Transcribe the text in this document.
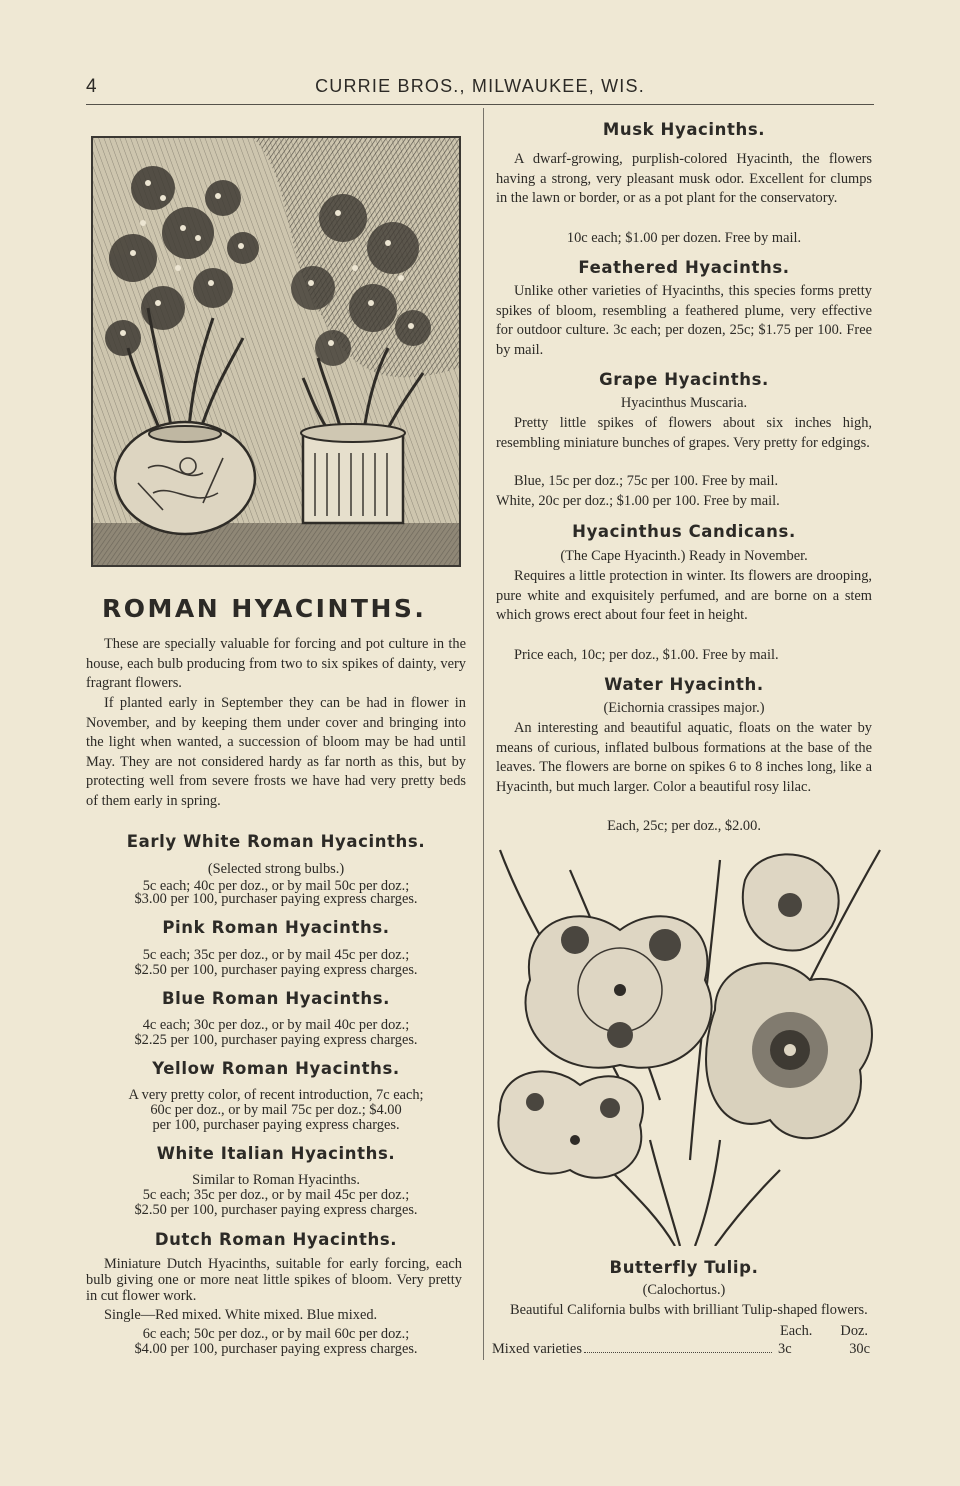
4	CURRIE BROS., MILWAUKEE, WIS.
ROMAN HYACINTHS.
These are specially valuable for forcing and pot culture in the house, each bulb producing from two to six spikes of dainty, very fragrant flowers.
If planted early in September they can be had in flower in November, and by keeping them under cover and bringing into the light when wanted, a succession of bloom may be had until May. They are not considered hardy as far north as this, but by protecting well from severe frosts we have had very pretty beds of them early in spring.
Early White Roman Hyacinths.
(Selected strong bulbs.)
5c each; 40c per doz., or by mail 50c per doz.;
$3.00 per 100, purchaser paying express charges.
Pink Roman Hyacinths.
5c each; 35c per doz., or by mail 45c per doz.;
$2.50 per 100, purchaser paying express charges.
Blue Roman Hyacinths.
4c each; 30c per doz., or by mail 40c per doz.;
$2.25 per 100, purchaser paying express charges.
Yellow Roman Hyacinths.
A very pretty color, of recent introduction, 7c each;
60c per doz., or by mail 75c per doz.; $4.00
per 100, purchaser paying express charges.
White Italian Hyacinths.
Similar to Roman Hyacinths.
5c each; 35c per doz., or by mail 45c per doz.;
$2.50 per 100, purchaser paying express charges.
Dutch Roman Hyacinths.
Miniature Dutch Hyacinths, suitable for early forcing, each bulb giving one or more neat little spikes of bloom. Very pretty in cut flower work.
Single—Red mixed. White mixed. Blue mixed.
6c each; 50c per doz., or by mail 60c per doz.;
$4.00 per 100, purchaser paying express charges.
Musk Hyacinths.
A dwarf-growing, purplish-colored Hyacinth, the flowers having a strong, very pleasant musk odor. Excellent for clumps in the lawn or border, or as a pot plant for the conservatory.
10c each; $1.00 per dozen. Free by mail.
Feathered Hyacinths.
Unlike other varieties of Hyacinths, this species forms pretty spikes of bloom, resembling a feathered plume, very effective for outdoor culture. 3c each; per dozen, 25c; $1.75 per 100. Free by mail.
Grape Hyacinths.
Hyacinthus Muscaria.
Pretty little spikes of flowers about six inches high, resembling miniature bunches of grapes. Very pretty for edgings.
Blue, 15c per doz.; 75c per 100. Free by mail.
White, 20c per doz.; $1.00 per 100. Free by mail.
Hyacinthus Candicans.
(The Cape Hyacinth.) Ready in November.
Requires a little protection in winter. Its flowers are drooping, pure white and exquisitely perfumed, and are borne on a stem which grows erect about four feet in height.
Price each, 10c; per doz., $1.00. Free by mail.
Water Hyacinth.
(Eichornia crassipes major.)
An interesting and beautiful aquatic, floats on the water by means of curious, inflated bulbous formations at the base of the leaves. The flowers are borne on spikes 6 to 8 inches long, like a Hyacinth, but much larger. Color a beautiful rosy lilac.
Each, 25c; per doz., $2.00.
Butterfly Tulip.
(Calochortus.)
Beautiful California bulbs with brilliant Tulip-shaped flowers.
Each. Doz.
Mixed varieties	3c	30c
